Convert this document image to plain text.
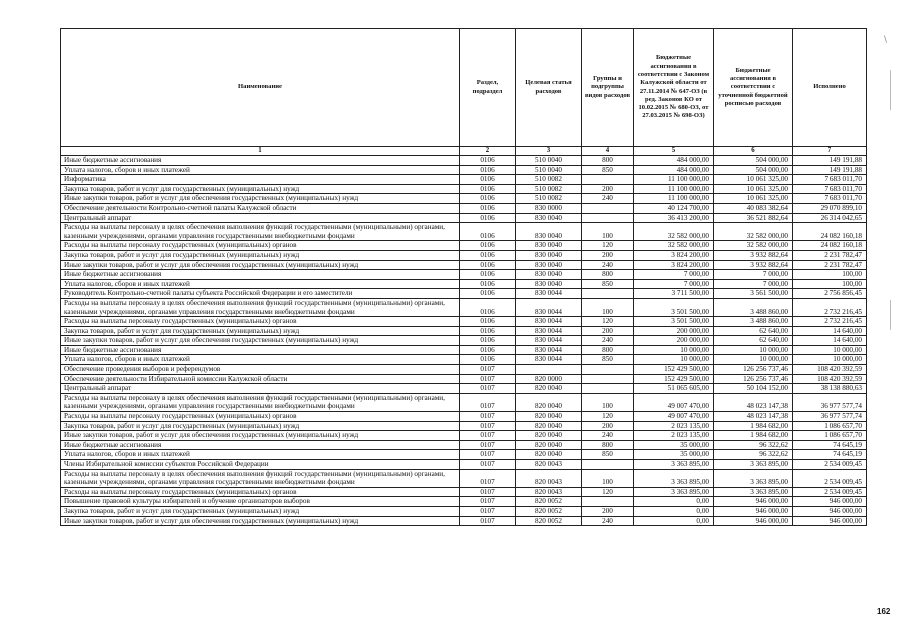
Наименование	Раздел, подраздел	Целевая статья расходов	Группы и подгруппы видов расходов	Бюджетные ассигнования в соответствии с Законом Калужской области от 27.11.2014 № 647-ОЗ (в ред. Законов КО от 10.02.2015 № 680-ОЗ, от 27.03.2015 № 698-ОЗ)	Бюджетные ассигнования в соответствии с уточненной бюджетной росписью расходов	Исполнено
1	2	3	4	5	6	7
Иные бюджетные ассигнования	0106	510 0040	800	484 000,00	504 000,00	149 191,88
Уплата налогов, сборов и иных платежей	0106	510 0040	850	484 000,00	504 000,00	149 191,88
Информатика	0106	510 0082		11 100 000,00	10 061 325,00	7 683 011,70
Закупка товаров, работ и услуг для государственных (муниципальных) нужд	0106	510 0082	200	11 100 000,00	10 061 325,00	7 683 011,70
Иные закупки товаров, работ и услуг для обеспечения государственных (муниципальных) нужд	0106	510 0082	240	11 100 000,00	10 061 325,00	7 683 011,70
Обеспечение деятельности Контрольно-счетной палаты Калужской области	0106	830 0000		40 124 700,00	40 083 382,64	29 070 899,10
Центральный аппарат	0106	830 0040		36 413 200,00	36 521 882,64	26 314 042,65
Расходы на выплаты персоналу в целях обеспечения выполнения функций государственными (муниципальными) органами, казенными учреждениями, органами управления государственными внебюджетными фондами	0106	830 0040	100	32 582 000,00	32 582 000,00	24 082 160,18
Расходы на выплаты персоналу государственных (муниципальных) органов	0106	830 0040	120	32 582 000,00	32 582 000,00	24 082 160,18
Закупка товаров, работ и услуг для государственных (муниципальных) нужд	0106	830 0040	200	3 824 200,00	3 932 882,64	2 231 782,47
Иные закупки товаров, работ и услуг для обеспечения государственных (муниципальных) нужд	0106	830 0040	240	3 824 200,00	3 932 882,64	2 231 782,47
Иные бюджетные ассигнования	0106	830 0040	800	7 000,00	7 000,00	100,00
Уплата налогов, сборов и иных платежей	0106	830 0040	850	7 000,00	7 000,00	100,00
Руководитель Контрольно-счетной палаты субъекта Российской Федерации и его заместители	0106	830 0044		3 711 500,00	3 561 500,00	2 756 856,45
Расходы на выплаты персоналу в целях обеспечения выполнения функций государственными (муниципальными) органами, казенными учреждениями, органами управления государственными внебюджетными фондами	0106	830 0044	100	3 501 500,00	3 488 860,00	2 732 216,45
Расходы на выплаты персоналу государственных (муниципальных) органов	0106	830 0044	120	3 501 500,00	3 488 860,00	2 732 216,45
Закупка товаров, работ и услуг для государственных (муниципальных) нужд	0106	830 0044	200	200 000,00	62 640,00	14 640,00
Иные закупки товаров, работ и услуг для обеспечения государственных (муниципальных) нужд	0106	830 0044	240	200 000,00	62 640,00	14 640,00
Иные бюджетные ассигнования	0106	830 0044	800	10 000,00	10 000,00	10 000,00
Уплата налогов, сборов и иных платежей	0106	830 0044	850	10 000,00	10 000,00	10 000,00
Обеспечение проведения выборов и референдумов	0107			152 429 500,00	126 256 737,46	108 420 392,59
Обеспечение деятельности Избирательной комиссии Калужской области	0107	820 0000		152 429 500,00	126 256 737,46	108 420 392,59
Центральный аппарат	0107	820 0040		51 065 605,00	50 104 152,00	38 138 880,63
Расходы на выплаты персоналу в целях обеспечения выполнения функций государственными (муниципальными) органами, казенными учреждениями, органами управления государственными внебюджетными фондами	0107	820 0040	100	49 007 470,00	48 023 147,38	36 977 577,74
Расходы на выплаты персоналу государственных (муниципальных) органов	0107	820 0040	120	49 007 470,00	48 023 147,38	36 977 577,74
Закупка товаров, работ и услуг для государственных (муниципальных) нужд	0107	820 0040	200	2 023 135,00	1 984 682,00	1 086 657,70
Иные закупки товаров, работ и услуг для обеспечения государственных (муниципальных) нужд	0107	820 0040	240	2 023 135,00	1 984 682,00	1 086 657,70
Иные бюджетные ассигнования	0107	820 0040	800	35 000,00	96 322,62	74 645,19
Уплата налогов, сборов и иных платежей	0107	820 0040	850	35 000,00	96 322,62	74 645,19
Члены Избирательной комиссии субъектов Российской Федерации	0107	820 0043		3 363 895,00	3 363 895,00	2 534 009,45
Расходы на выплаты персоналу в целях обеспечения выполнения функций государственными (муниципальными) органами, казенными учреждениями, органами управления государственными внебюджетными фондами	0107	820 0043	100	3 363 895,00	3 363 895,00	2 534 009,45
Расходы на выплаты персоналу государственных (муниципальных) органов	0107	820 0043	120	3 363 895,00	3 363 895,00	2 534 009,45
Повышение правовой культуры избирателей и обучение организаторов выборов	0107	820 0052		0,00	946 000,00	946 000,00
Закупка товаров, работ и услуг для государственных (муниципальных) нужд	0107	820 0052	200	0,00	946 000,00	946 000,00
Иные закупки товаров, работ и услуг для обеспечения государственных (муниципальных) нужд	0107	820 0052	240	0,00	946 000,00	946 000,00
\
162
